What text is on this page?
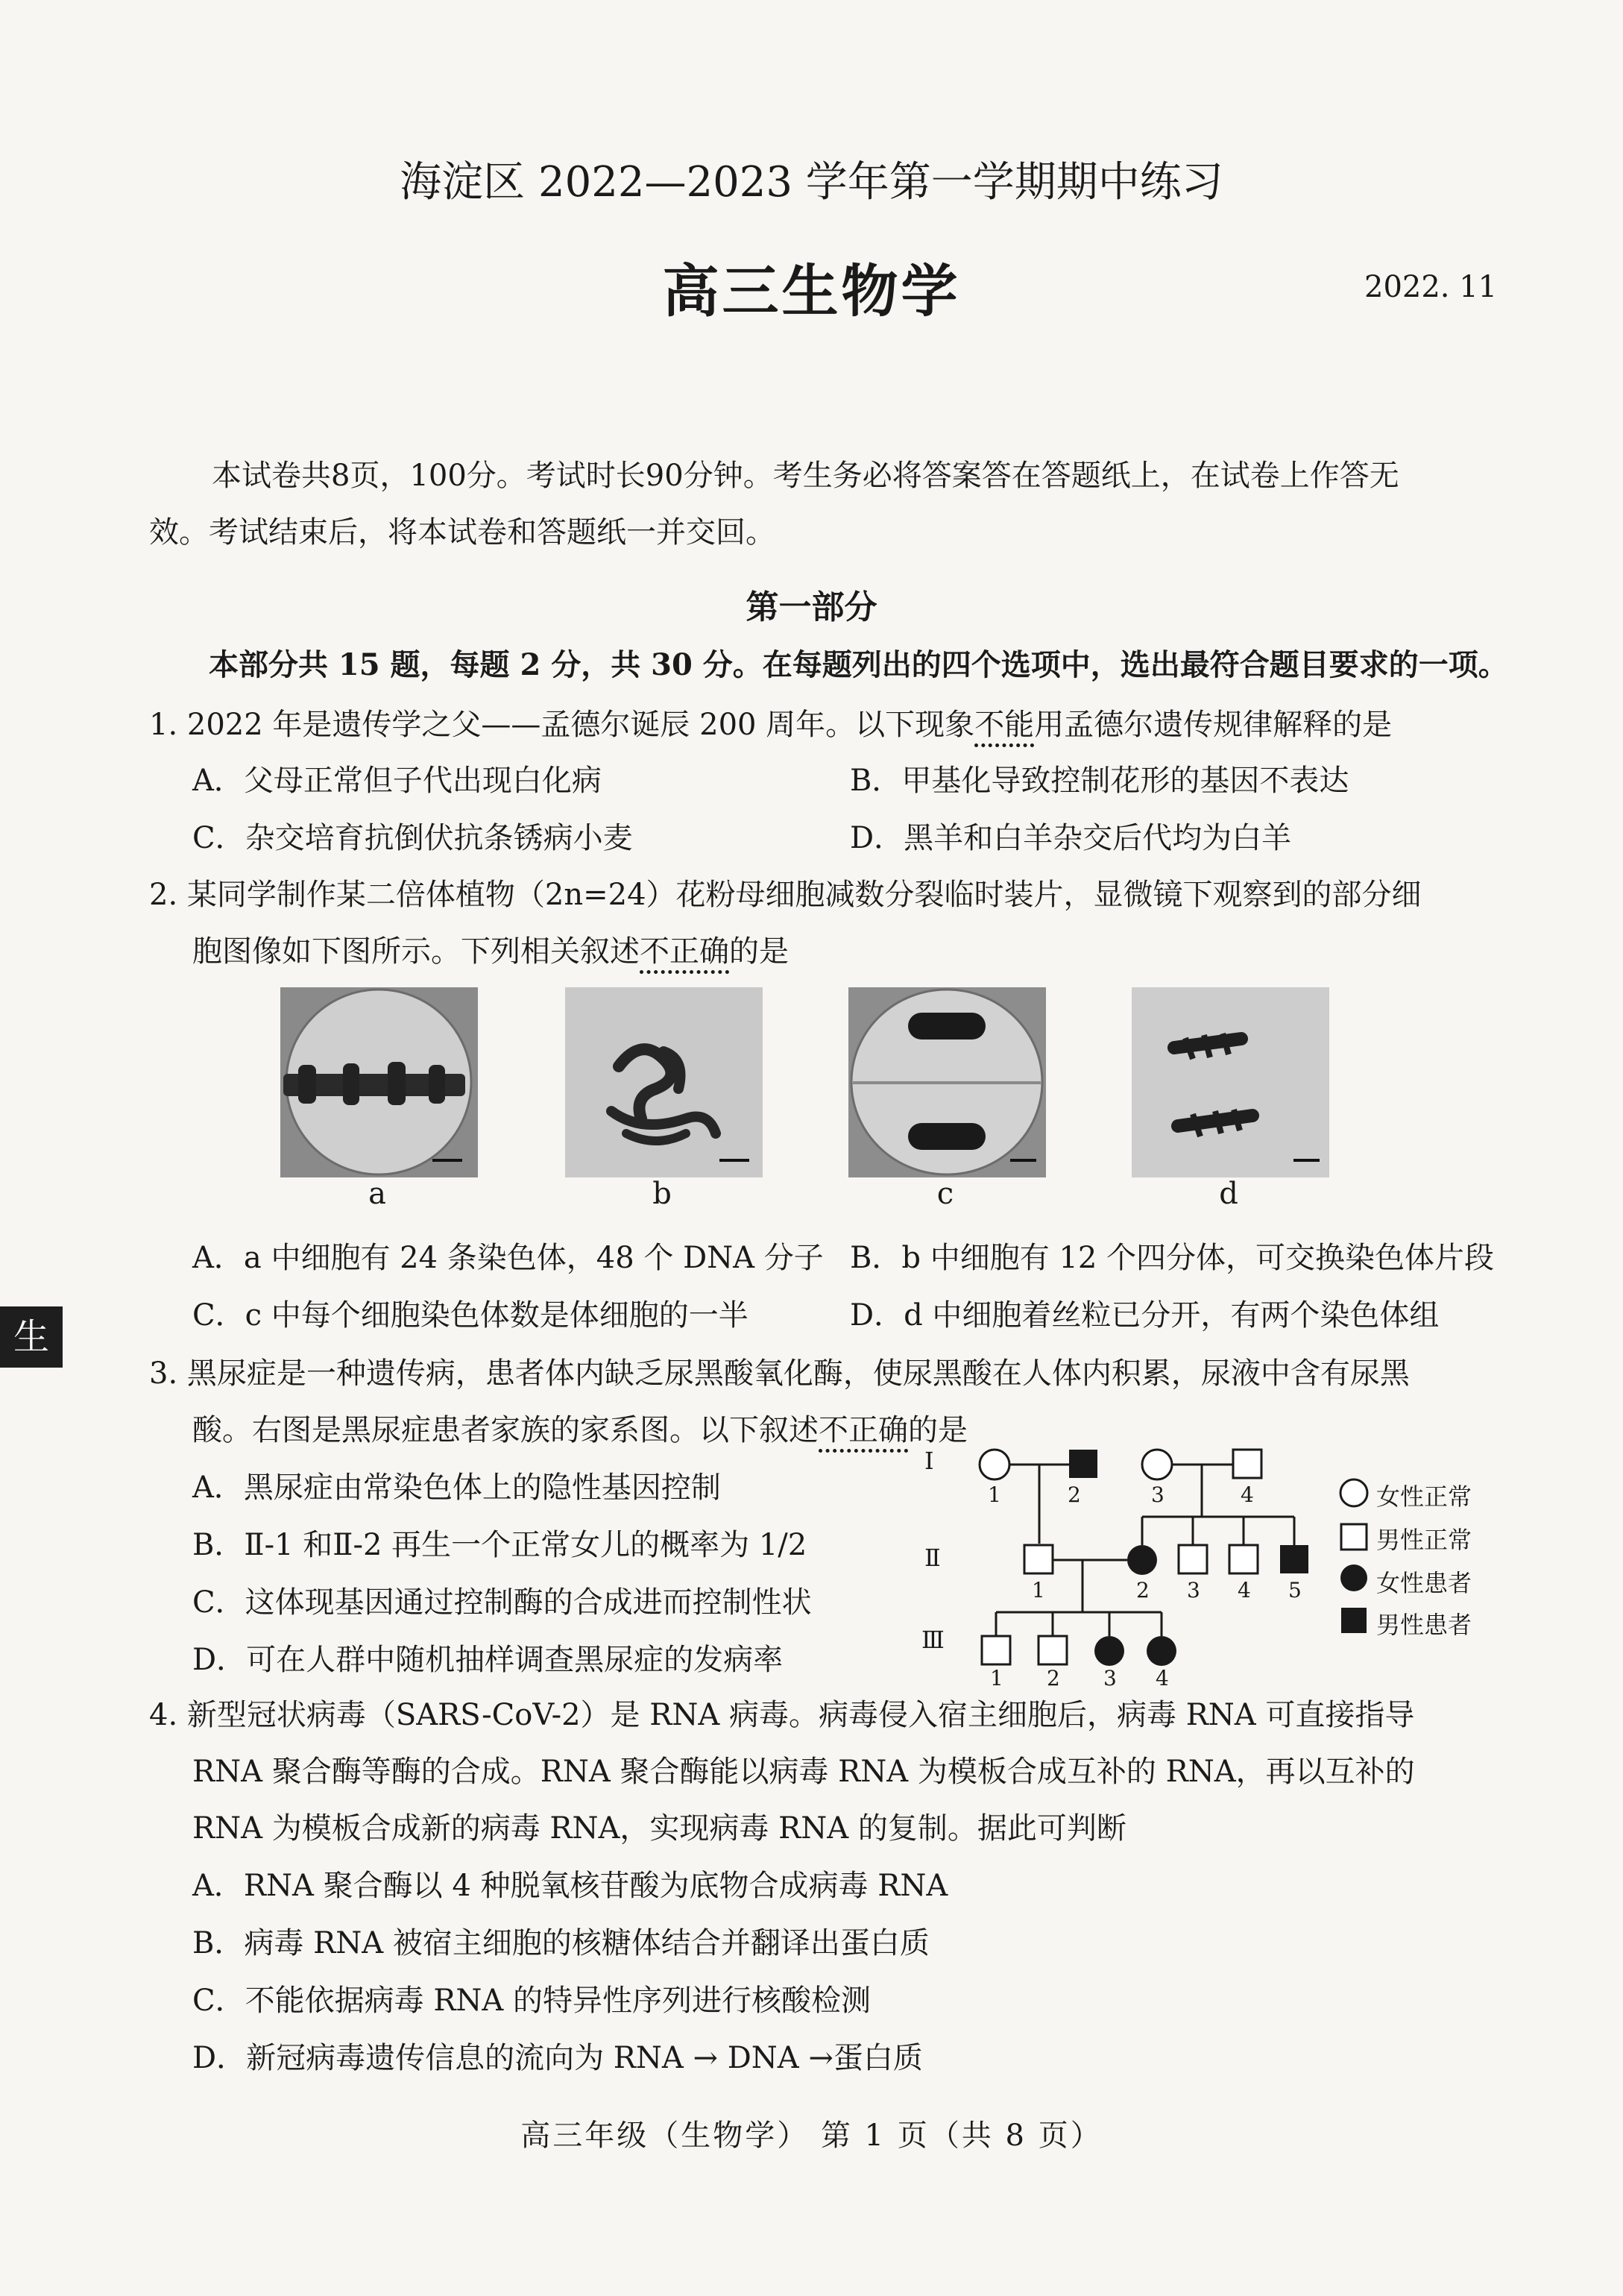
海淀区 2022—2023 学年第一学期期中练习
高三生物学	2022. 11
本试卷共8页，100分。考试时长90分钟。考生务必将答案答在答题纸上，在试卷上作答无
效。考试结束后，将本试卷和答题纸一并交回。
第一部分
本部分共 15 题，每题 2 分，共 30 分。在每题列出的四个选项中，选出最符合题目要求的一项。
1. 2022 年是遗传学之父——孟德尔诞辰 200 周年。以下现象不能用孟德尔遗传规律解释的是
A．父母正常但子代出现白化病	B．甲基化导致控制花形的基因不表达
C．杂交培育抗倒伏抗条锈病小麦	D．黑羊和白羊杂交后代均为白羊
2. 某同学制作某二倍体植物（2n=24）花粉母细胞减数分裂临时装片，显微镜下观察到的部分细
胞图像如下图所示。下列相关叙述不正确的是
a	b	c	d
A．a 中细胞有 24 条染色体，48 个 DNA 分子 B．b 中细胞有 12 个四分体，可交换染色体片段
C．c 中每个细胞染色体数是体细胞的一半	D．d 中细胞着丝粒已分开，有两个染色体组
生
3. 黑尿症是一种遗传病，患者体内缺乏尿黑酸氧化酶，使尿黑酸在人体内积累，尿液中含有尿黑
酸。右图是黑尿症患者家族的家系图。以下叙述不正确的是
A．黑尿症由常染色体上的隐性基因控制
B．Ⅱ-1 和Ⅱ-2 再生一个正常女儿的概率为 1/2
C．这体现基因通过控制酶的合成进而控制性状
D．可在人群中随机抽样调查黑尿症的发病率
Ⅰ
Ⅱ
Ⅲ
1	2	3	4
1	2 3 4 5
1 2 3 4
女性正常
男性正常
女性患者
男性患者
4. 新型冠状病毒（SARS-CoV-2）是 RNA 病毒。病毒侵入宿主细胞后，病毒 RNA 可直接指导
RNA 聚合酶等酶的合成。RNA 聚合酶能以病毒 RNA 为模板合成互补的 RNA，再以互补的
RNA 为模板合成新的病毒 RNA，实现病毒 RNA 的复制。据此可判断
A．RNA 聚合酶以 4 种脱氧核苷酸为底物合成病毒 RNA
B．病毒 RNA 被宿主细胞的核糖体结合并翻译出蛋白质
C．不能依据病毒 RNA 的特异性序列进行核酸检测
D．新冠病毒遗传信息的流向为 RNA → DNA →蛋白质
高三年级（生物学） 第 1 页（共 8 页）
